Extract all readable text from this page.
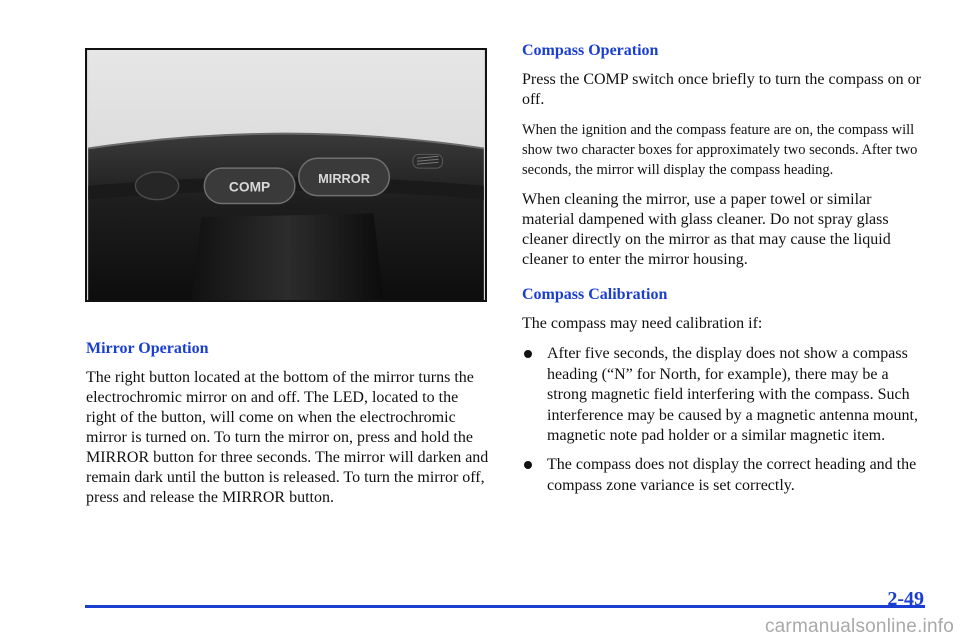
COMP
MIRROR
Mirror Operation

The right button located at the bottom of the mirror turns the electrochromic mirror on and off. The LED, located to the right of the button, will come on when the electrochromic mirror is turned on. To turn the mirror on, press and hold the MIRROR button for three seconds. The mirror will darken and remain dark until the button is released. To turn the mirror off, press and release the MIRROR button.

Compass Operation

Press the COMP switch once briefly to turn the compass on or off.

When the ignition and the compass feature are on, the compass will show two character boxes for approximately two seconds. After two seconds, the mirror will display the compass heading.

When cleaning the mirror, use a paper towel or similar material dampened with glass cleaner. Do not spray glass cleaner directly on the mirror as that may cause the liquid cleaner to enter the mirror housing.

Compass Calibration

The compass may need calibration if:

After five seconds, the display does not show a compass heading (“N” for North, for example), there may be a strong magnetic field interfering with the compass. Such interference may be caused by a magnetic antenna mount, magnetic note pad holder or a similar magnetic item.
The compass does not display the correct heading and the compass zone variance is set correctly.
2-49
carmanualsonline.info
